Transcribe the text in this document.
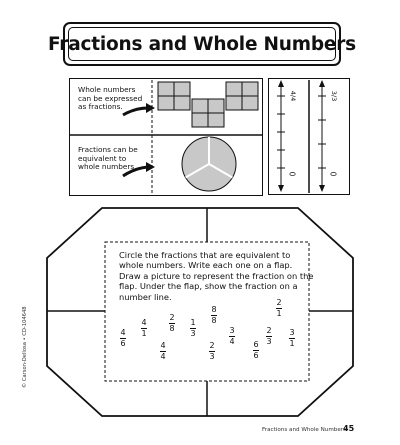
Fractions and Whole Numbers
Whole numbers can be expressed as fractions.
Fractions can be equivalent to whole numbers.
0
4/4
0
3/3
Circle the fractions that are equivalent to whole numbers. Write each one on a flap. Draw a picture to represent the fraction on the flap. Under the flap, show the fraction on a number line.
8
8
2
1
2
8
1
3
4
1
4
6
3
4
2
3
3
1
4
4
2
3
6
6
© Carson-Dellosa • CD-104648
Fractions and Whole Numbers
45
